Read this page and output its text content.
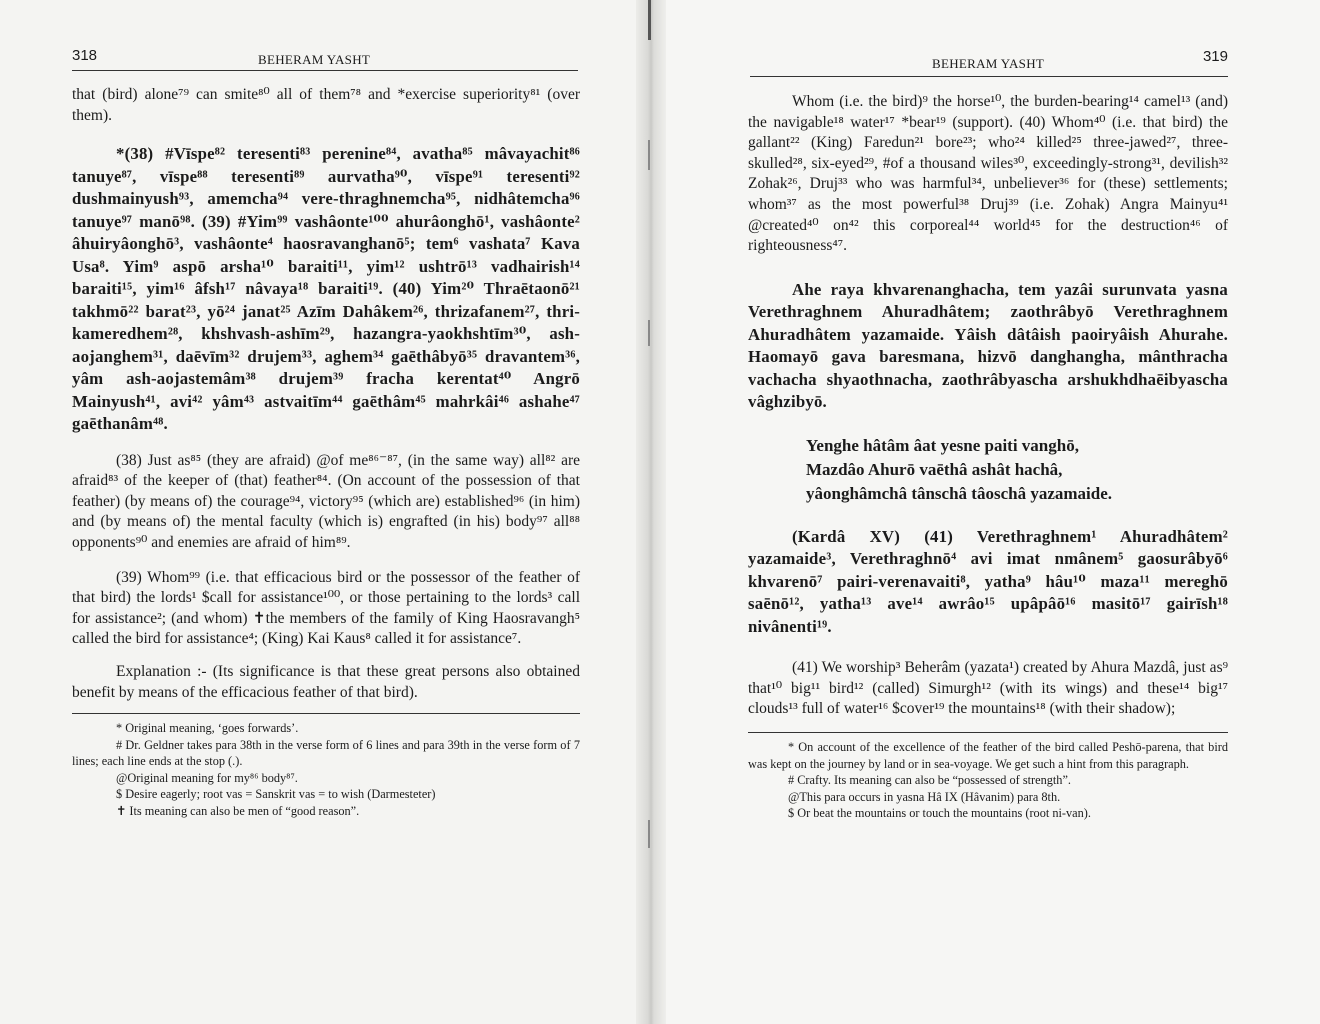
318	BEHERAM YASHT

that (bird) alone⁷⁹ can smite⁸⁰ all of them⁷⁸ and *exercise superiority⁸¹ (over them).

*(38) #Vīspe⁸² teresenti⁸³ perenine⁸⁴, avatha⁸⁵ mâvayachit⁸⁶ tanuye⁸⁷, vīspe⁸⁸ teresenti⁸⁹ aurvatha⁹⁰, vīspe⁹¹ teresenti⁹² dushmainyush⁹³, amemcha⁹⁴ vere-thraghnemcha⁹⁵, nidhâtemcha⁹⁶ tanuye⁹⁷ manō⁹⁸. (39) #Yim⁹⁹ vashâonte¹⁰⁰ ahurâonghō¹, vashâonte² âhuiryâonghō³, vashâonte⁴ haosravanghanō⁵; tem⁶ vashata⁷ Kava Usa⁸. Yim⁹ aspō arsha¹⁰ baraiti¹¹, yim¹² ushtrō¹³ vadhairish¹⁴ baraiti¹⁵, yim¹⁶ âfsh¹⁷ nâvaya¹⁸ baraiti¹⁹. (40) Yim²⁰ Thraētaonō²¹ takhmō²² barat²³, yō²⁴ janat²⁵ Azīm Dahâkem²⁶, thrizafanem²⁷, thri-kameredhem²⁸, khshvash-ashīm²⁹, hazangra-yaokhshtīm³⁰, ash-aojanghem³¹, daēvīm³² drujem³³, aghem³⁴ gaēthâbyō³⁵ dravantem³⁶, yâm ash-aojastemâm³⁸ drujem³⁹ fracha kerentat⁴⁰ Angrō Mainyush⁴¹, avi⁴² yâm⁴³ astvaitīm⁴⁴ gaēthâm⁴⁵ mahrkâi⁴⁶ ashahe⁴⁷ gaēthanâm⁴⁸.

(38) Just as⁸⁵ (they are afraid) @of me⁸⁶⁻⁸⁷, (in the same way) all⁸² are afraid⁸³ of the keeper of (that) feather⁸⁴. (On account of the possession of that feather) (by means of) the courage⁹⁴, victory⁹⁵ (which are) established⁹⁶ (in him) and (by means of) the mental faculty (which is) engrafted (in his) body⁹⁷ all⁸⁸ opponents⁹⁰ and enemies are afraid of him⁸⁹.

(39) Whom⁹⁹ (i.e. that efficacious bird or the possessor of the feather of that bird) the lords¹ $call for assistance¹⁰⁰, or those pertaining to the lords³ call for assistance²; (and whom) ✝the members of the family of King Haosravangh⁵ called the bird for assistance⁴; (King) Kai Kaus⁸ called it for assistance⁷.

Explanation :- (Its significance is that these great persons also obtained benefit by means of the efficacious feather of that bird).

* Original meaning, ‘goes forwards’.
# Dr. Geldner takes para 38th in the verse form of 6 lines and para 39th in the verse form of 7 lines; each line ends at the stop (.).
@Original meaning for my⁸⁶ body⁸⁷.
$ Desire eagerly; root vas = Sanskrit vas = to wish (Darmesteter)
✝ Its meaning can also be men of “good reason”.
BEHERAM YASHT	319

Whom (i.e. the bird)⁹ the horse¹⁰, the burden-bearing¹⁴ camel¹³ (and) the navigable¹⁸ water¹⁷ *bear¹⁹ (support). (40) Whom⁴⁰ (i.e. that bird) the gallant²² (King) Faredun²¹ bore²³; who²⁴ killed²⁵ three-jawed²⁷, three-skulled²⁸, six-eyed²⁹, #of a thousand wiles³⁰, exceedingly-strong³¹, devilish³² Zohak²⁶, Druj³³ who was harmful³⁴, unbeliever³⁶ for (these) settlements; whom³⁷ as the most powerful³⁸ Druj³⁹ (i.e. Zohak) Angra Mainyu⁴¹ @created⁴⁰ on⁴² this corporeal⁴⁴ world⁴⁵ for the destruction⁴⁶ of righteousness⁴⁷.

Ahe raya khvarenanghacha, tem yazâi surunvata yasna Verethraghnem Ahuradhâtem; zaothrâbyō Verethraghnem Ahuradhâtem yazamaide. Yâish dâtâish paoiryâish Ahurahe. Haomayō gava baresmana, hizvō danghangha, mânthracha vachacha shyaothnacha, zaothrâbyascha arshukhdhaēibyascha vâghzibyō.

Yenghe hâtâm âat yesne paiti vanghō,
Mazdâo Ahurō vaēthâ ashât hachâ,
yâonghâmchâ tânschâ tâoschâ yazamaide.

(Kardâ XV) (41) Verethraghnem¹ Ahuradhâtem² yazamaide³, Verethraghnō⁴ avi imat nmânem⁵ gaosurâbyō⁶ khvarenō⁷ pairi-verenavaiti⁸, yatha⁹ hâu¹⁰ maza¹¹ mereghō saēnō¹², yatha¹³ ave¹⁴ awrâo¹⁵ upâpâō¹⁶ masitō¹⁷ gairīsh¹⁸ nivânenti¹⁹.

(41) We worship³ Beherâm (yazata¹) created by Ahura Mazdâ, just as⁹ that¹⁰ big¹¹ bird¹² (called) Simurgh¹² (with its wings) and these¹⁴ big¹⁷ clouds¹³ full of water¹⁶ $cover¹⁹ the mountains¹⁸ (with their shadow);

* On account of the excellence of the feather of the bird called Peshō-parena, that bird was kept on the journey by land or in sea-voyage. We get such a hint from this paragraph.
# Crafty. Its meaning can also be “possessed of strength”.
@This para occurs in yasna Hâ IX (Hâvanim) para 8th.
$ Or beat the mountains or touch the mountains (root ni-van).
